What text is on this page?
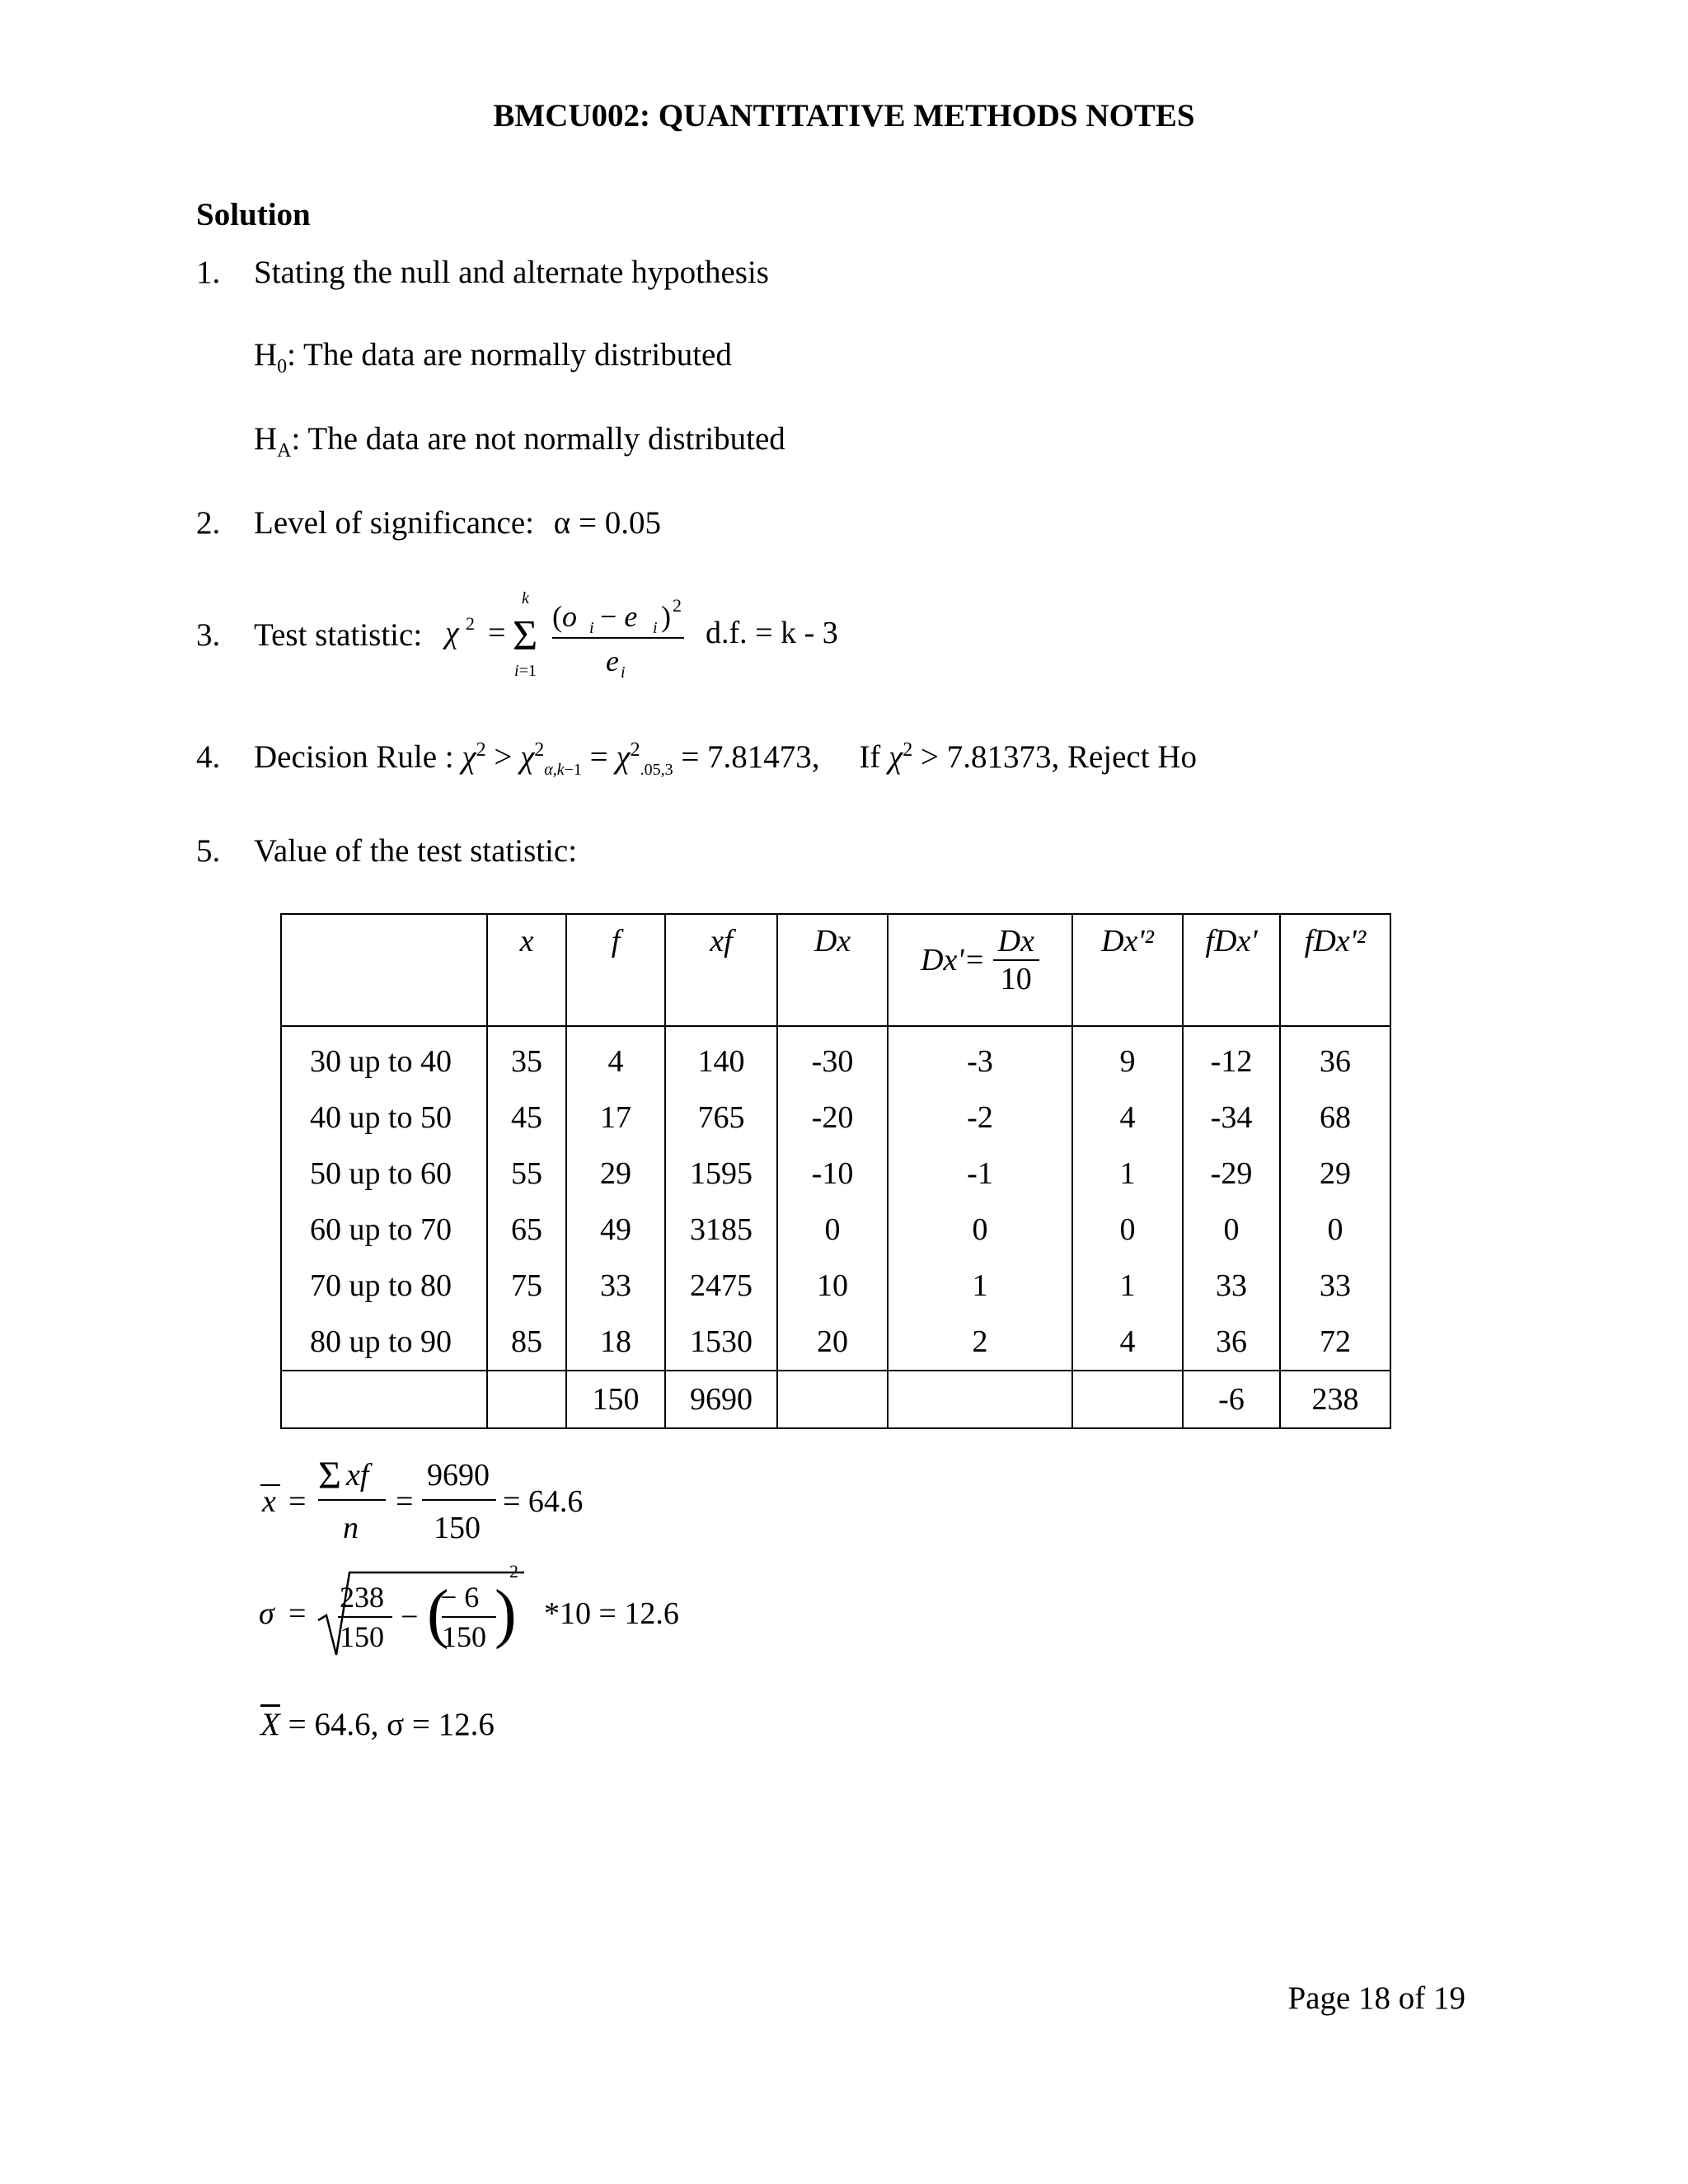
BMCU002: QUANTITATIVE METHODS NOTES
Solution
1. Stating the null and alternate hypothesis
$H_0$: The data are normally distributed
$H_A$: The data are not normally distributed
2. Level of significance: α = 0.05
3. Test statistic: χ 2 =
k
Σ
i=1
(o i − e i ) 2
e i
d.f. = k - 3
4. Decision Rule : $\chi^2 > \chi^2_{\alpha,k-1} = \chi^2_{.05,3} = 7.81473$, If $\chi^2 > 7.81373$, Reject Ho
5. Value of the test statistic:
	x	f	xf	Dx	$Dx'= \frac{Dx}{10}$	Dx'²	fDx'	fDx'²
30 up to 40	35	4	140	-30	-3	9	-12	36
40 up to 50	45	17	765	-20	-2	4	-34	68
50 up to 60	55	29	1595	-10	-1	1	-29	29
60 up to 70	65	49	3185	0	0	0	0	0
70 up to 80	75	33	2475	10	1	1	33	33
80 up to 90	85	18	1530	20	2	4	36	72
		150	9690				-6	238
x =
Σ xf
n
=
9690
150
= 64.6
σ = 238
150
− (
− 6
150 )
2
*10 = 12.6
$\overline{X} = 64.6$, σ = 12.6
Page 18 of 19
